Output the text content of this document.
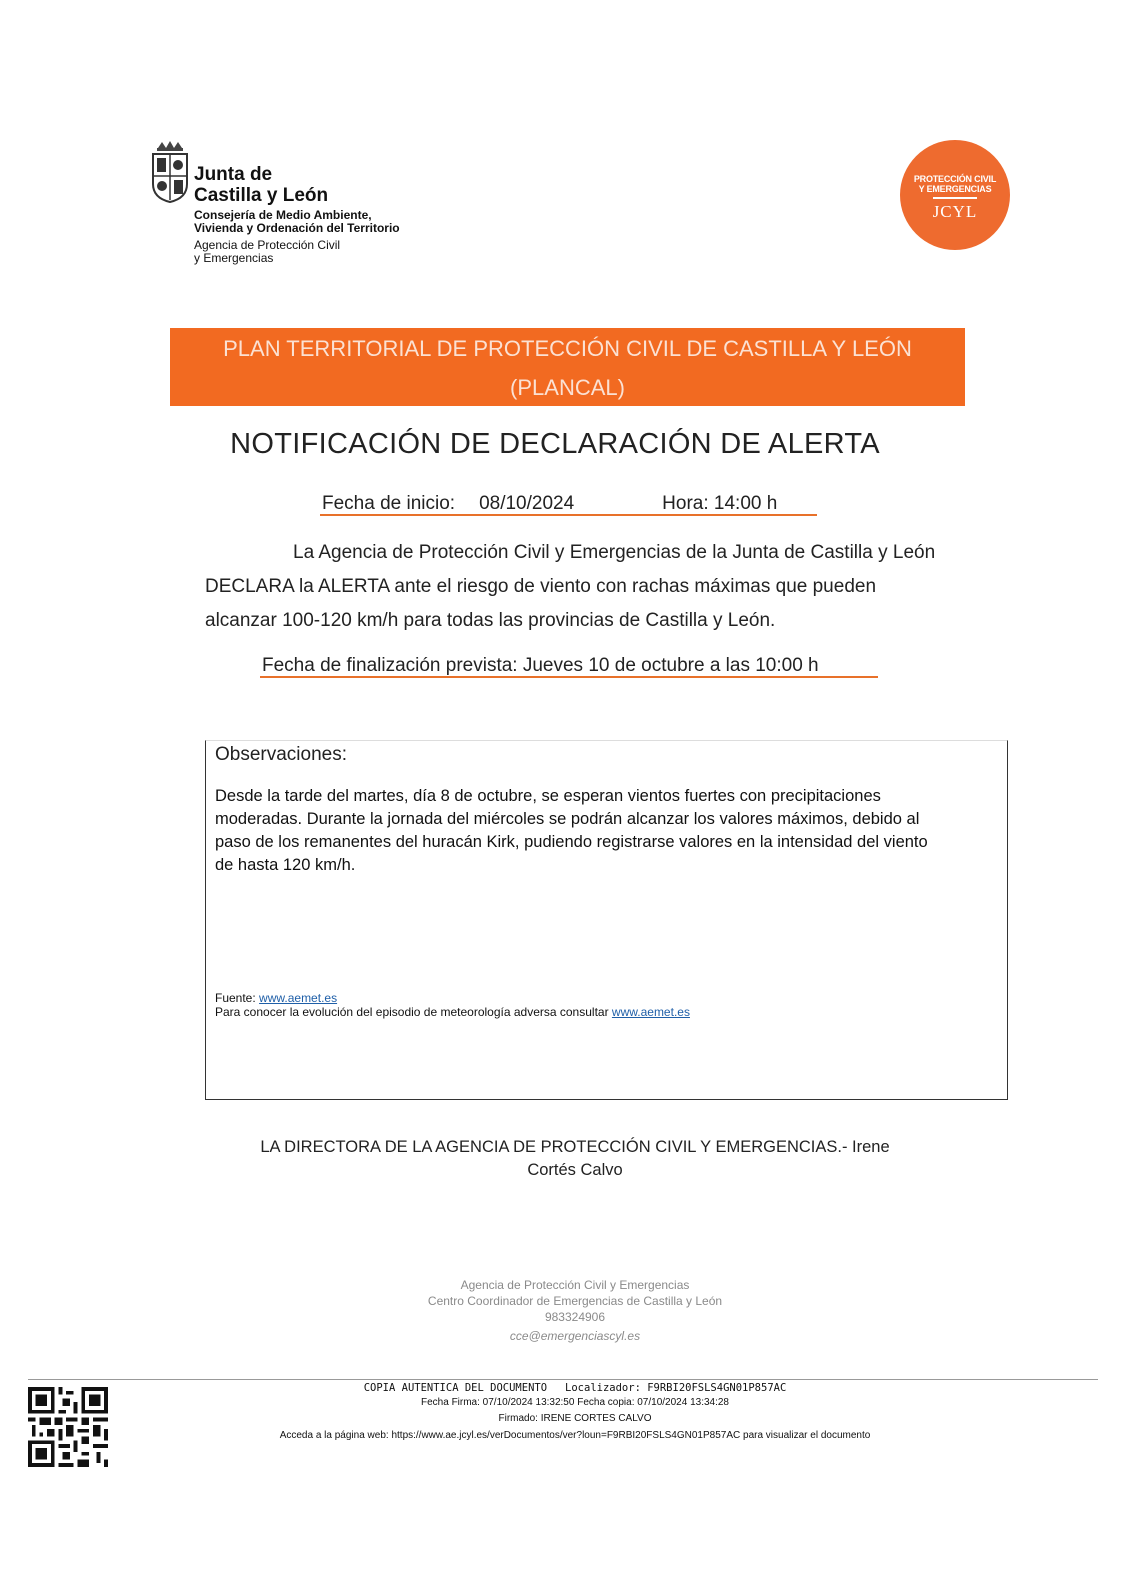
Junta de
Castilla y León
Consejería de Medio Ambiente,
Vivienda y Ordenación del Territorio
Agencia de Protección Civil
y Emergencias
PROTECCIÓN CIVIL
Y EMERGENCIAS
JCYL
PLAN TERRITORIAL DE PROTECCIÓN CIVIL DE CASTILLA Y LEÓN
(PLANCAL)
NOTIFICACIÓN DE DECLARACIÓN DE ALERTA
Fecha de inicio: 08/10/2024	Hora: 14:00 h
La Agencia de Protección Civil y Emergencias de la Junta de Castilla y León
DECLARA la ALERTA ante el riesgo de viento con rachas máximas que pueden
alcanzar 100-120 km/h para todas las provincias de Castilla y León.
Fecha de finalización prevista: Jueves 10 de octubre a las 10:00 h
Observaciones:
Desde la tarde del martes, día 8 de octubre, se esperan vientos fuertes con precipitaciones
moderadas. Durante la jornada del miércoles se podrán alcanzar los valores máximos, debido al
paso de los remanentes del huracán Kirk, pudiendo registrarse valores en la intensidad del viento
de hasta 120 km/h.
Fuente: www.aemet.es
Para conocer la evolución del episodio de meteorología adversa consultar www.aemet.es
LA DIRECTORA DE LA AGENCIA DE PROTECCIÓN CIVIL Y EMERGENCIAS.- Irene
Cortés Calvo
Agencia de Protección Civil y Emergencias
Centro Coordinador de Emergencias de Castilla y León
983324906
cce@emergenciascyl.es
COPIA AUTENTICA DEL DOCUMENTO Localizador: F9RBI20FSLS4GN01P857AC
Fecha Firma: 07/10/2024 13:32:50 Fecha copia: 07/10/2024 13:34:28
Firmado: IRENE CORTES CALVO
Acceda a la página web: https://www.ae.jcyl.es/verDocumentos/ver?loun=F9RBI20FSLS4GN01P857AC para visualizar el documento
